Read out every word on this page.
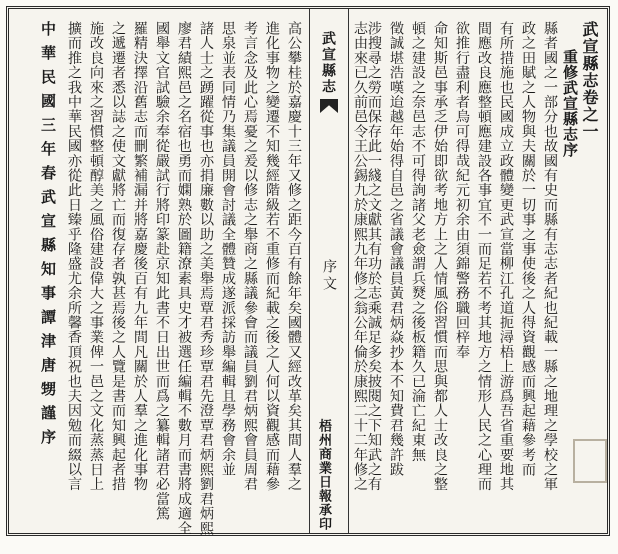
武宣縣志卷之一
重修武宣縣志序
縣者國之一部分也故國有史而縣有志志者紀也紀載一縣之地理之學校之軍
政之田賦之人物與夫關於一切事之事使後之人得資觀感而興起藉參考而
有所措施也民國成立政體變更武宣當柳江孔道扼潯梧上游爲吾省重要地其
間應改良應整頓應建設各事宜不一而足若不考其地方之情形人民之心理而
欲推行盡利者烏可得哉紀元初余由須錦警務職回梓奉
命知斯邑事承乏伊始即欲考地方上之人情風俗習慣而思與都人士改良之整
頓之建設之奈邑志不可得詢諸父老僉謂兵燹之後板籍久已淪亡紀東無
徵誠堪浩嘆迨越年始得自邑之省議會議員黃君炳焱抄本不知費君幾許跋
涉搜尋之勞而保存此一綫之文獻其有功於志乘誠足多矣披閱之下知武之有
武宣縣志
序文
梧州商業日報承印 志由來已久前邑令王公錫九於康熙九年修之翁公年倫於康熙二十二年修之
高公攀桂於嘉慶十三年又修之距今百有餘年矣國體又經改革矣其間人羣之
進化事物之變遷不知幾經階級若不重修而紀載之後之人何以資觀感而藉參
考言念及此心焉憂之爰以修志之舉商之縣議參會而議員劉君炳熙會員周君
思泉並表同情乃集議員開會討議全體贊成遂派採訪舉編輯且學務會余並
諸人士之踴躍從事也亦捐廉數以助之美舉焉覃君秀珍覃君先澄覃君炳熙劉君炳熙
廖君績熙邑之名宿也勇而嫻熟於圖籍潦素具史才被選任編輯不數月而書將成適全
國舉文官試驗余奉從嚴試行將印篆赴京知此書不日出世而爲之纂輯諸君必當篤
羅精決擇沿舊志而刪繁補漏并將嘉慶後百有九年間凡關於人羣之進化事物
之遞遷者悉以誌之使文獻將亡而復存者孰甚焉後之人覽是書而知興起者措
施改良向來之習慣整頓醇美之風俗建設偉大之事業俾一邑之文化蒸蒸日上
擴而推之我中華民國亦從此日臻乎隆盛尤余所馨香頂祝也夫因勉而綴以言
中華民國三年春武宣縣知事譚津唐甥謹序
